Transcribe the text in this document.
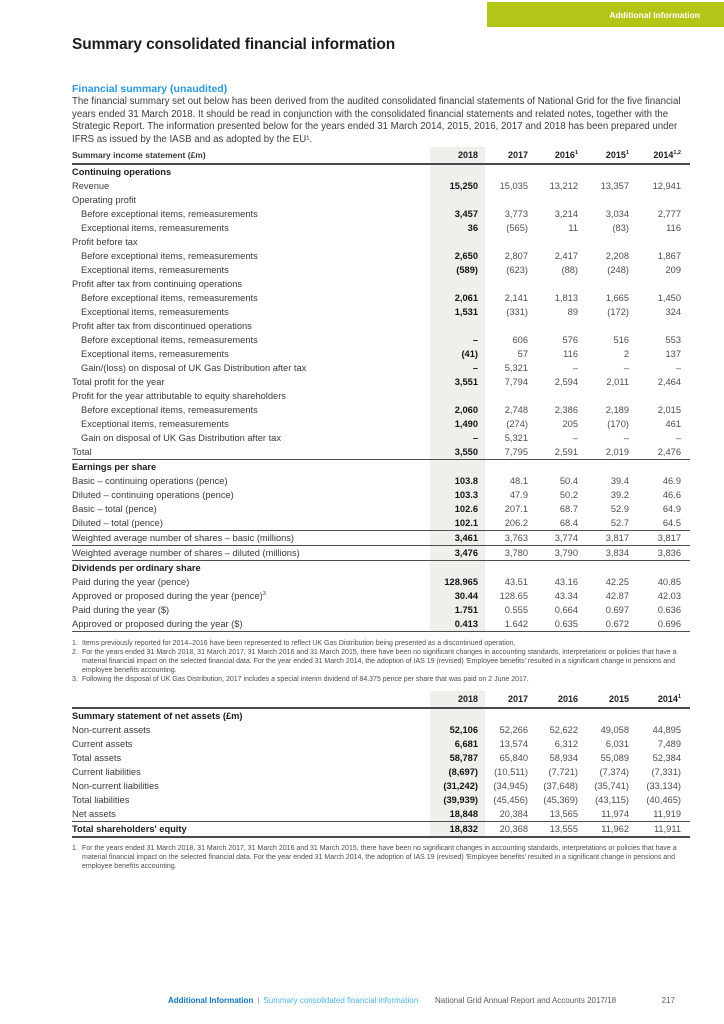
Additional Information
Summary consolidated financial information
Financial summary (unaudited)
The financial summary set out below has been derived from the audited consolidated financial statements of National Grid for the five financial years ended 31 March 2018. It should be read in conjunction with the consolidated financial statements and related notes, together with the Strategic Report. The information presented below for the years ended 31 March 2014, 2015, 2016, 2017 and 2018 has been prepared under IFRS as issued by the IASB and as adopted by the EU¹.
Summary income statement (£m)	2018	2017	2016$^1$	2015$^1$	2014$^{1,2}$
Continuing operations
Revenue	15,250	15,035	13,212	13,357	12,941
Operating profit
Before exceptional items, remeasurements	3,457	3,773	3,214	3,034	2,777
Exceptional items, remeasurements	36	(565)	11	(83)	116
Profit before tax
Before exceptional items, remeasurements	2,650	2,807	2,417	2,208	1,867
Exceptional items, remeasurements	(589)	(623)	(88)	(248)	209
Profit after tax from continuing operations
Before exceptional items, remeasurements	2,061	2,141	1,813	1,665	1,450
Exceptional items, remeasurements	1,531	(331)	89	(172)	324
Profit after tax from discontinued operations
Before exceptional items, remeasurements	–	606	576	516	553
Exceptional items, remeasurements	(41)	57	116	2	137
Gain/(loss) on disposal of UK Gas Distribution after tax	–	5,321	–	–	–
Total profit for the year	3,551	7,794	2,594	2,011	2,464
Profit for the year attributable to equity shareholders
Before exceptional items, remeasurements	2,060	2,748	2,386	2,189	2,015
Exceptional items, remeasurements	1,490	(274)	205	(170)	461
Gain on disposal of UK Gas Distribution after tax	–	5,321	–	–	–
Total	3,550	7,795	2,591	2,019	2,476
Earnings per share
Basic – continuing operations (pence)	103.8	48.1	50.4	39.4	46.9
Diluted – continuing operations (pence)	103.3	47.9	50.2	39.2	46.6
Basic – total (pence)	102.6	207.1	68.7	52.9	64.9
Diluted – total (pence)	102.1	206.2	68.4	52.7	64.5
Weighted average number of shares – basic (millions)	3,461	3,763	3,774	3,817	3,817
Weighted average number of shares – diluted (millions)	3,476	3,780	3,790	3,834	3,836
Dividends per ordinary share
Paid during the year (pence)	128.965	43.51	43.16	42.25	40.85
Approved or proposed during the year (pence)$^3$	30.44	128.65	43.34	42.87	42.03
Paid during the year ($)	1.751	0.555	0.664	0.697	0.636
Approved or proposed during the year ($)	0.413	1.642	0.635	0.672	0.696
1. Items previously reported for 2014–2016 have been represented to reflect UK Gas Distribution being presented as a discontinued operation.
2. For the years ended 31 March 2018, 31 March 2017, 31 March 2016 and 31 March 2015, there have been no significant changes in accounting standards, interpretations or policies that have a material financial impact on the selected financial data. For the year ended 31 March 2014, the adoption of IAS 19 (revised) 'Employee benefits' resulted in a significant change in pensions and employee benefits accounting.
3. Following the disposal of UK Gas Distribution, 2017 includes a special interim dividend of 84.375 pence per share that was paid on 2 June 2017.
2018	2017	2016	2015	2014$^1$
Summary statement of net assets (£m)
Non-current assets	52,106	52,266	52,622	49,058	44,895
Current assets	6,681	13,574	6,312	6,031	7,489
Total assets	58,787	65,840	58,934	55,089	52,384
Current liabilities	(8,697)	(10,511)	(7,721)	(7,374)	(7,331)
Non-current liabilities	(31,242)	(34,945)	(37,648)	(35,741)	(33,134)
Total liabilities	(39,939)	(45,456)	(45,369)	(43,115)	(40,465)
Net assets	18,848	20,384	13,565	11,974	11,919
Total shareholders' equity	18,832	20,368	13,555	11,962	11,911
1. For the years ended 31 March 2018, 31 March 2017, 31 March 2016 and 31 March 2015, there have been no significant changes in accounting standards, interpretations or policies that have a material financial impact on the selected financial data. For the year ended 31 March 2014, the adoption of IAS 19 (revised) 'Employee benefits' resulted in a significant change in pensions and employee benefits accounting.
Additional Information | Summary consolidated financial information National Grid Annual Report and Accounts 2017/18	217
